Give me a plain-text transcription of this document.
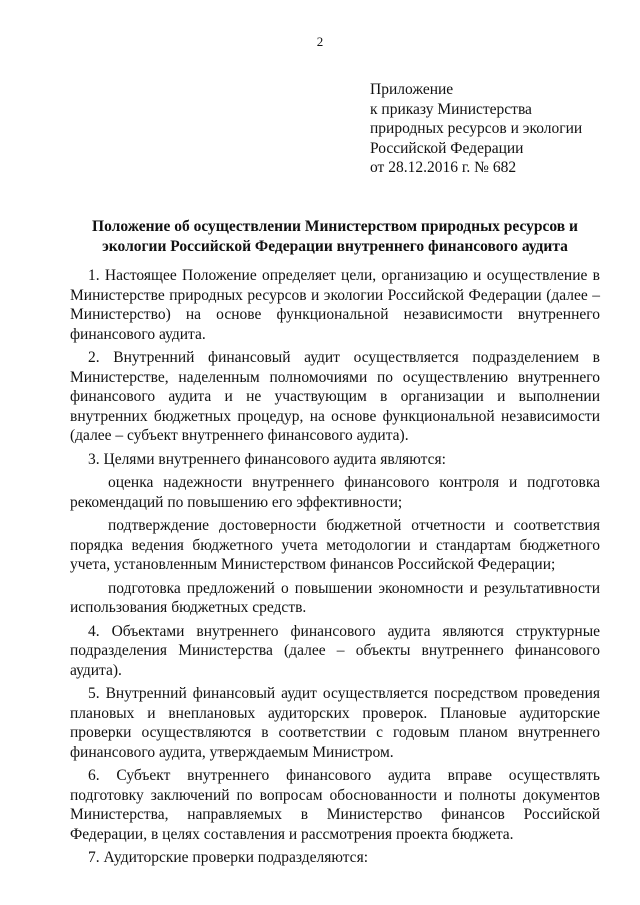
2
Приложение
к приказу Министерства
природных ресурсов и экологии
Российской Федерации
от 28.12.2016 г. № 682
Положение об осуществлении Министерством природных ресурсов и экологии Российской Федерации внутреннего финансового аудита

1. Настоящее Положение определяет цели, организацию и осуществление в Министерстве природных ресурсов и экологии Российской Федерации (далее – Министерство) на основе функциональной независимости внутреннего финансового аудита.

2. Внутренний финансовый аудит осуществляется подразделением в Министерстве, наделенным полномочиями по осуществлению внутреннего финансового аудита и не участвующим в организации и выполнении внутренних бюджетных процедур, на основе функциональной независимости (далее – субъект внутреннего финансового аудита).

3. Целями внутреннего финансового аудита являются:

оценка надежности внутреннего финансового контроля и подготовка рекомендаций по повышению его эффективности;

подтверждение достоверности бюджетной отчетности и соответствия порядка ведения бюджетного учета методологии и стандартам бюджетного учета, установленным Министерством финансов Российской Федерации;

подготовка предложений о повышении экономности и результативности использования бюджетных средств.

4. Объектами внутреннего финансового аудита являются структурные подразделения Министерства (далее – объекты внутреннего финансового аудита).

5. Внутренний финансовый аудит осуществляется посредством проведения плановых и внеплановых аудиторских проверок. Плановые аудиторские проверки осуществляются в соответствии с годовым планом внутреннего финансового аудита, утверждаемым Министром.

6. Субъект внутреннего финансового аудита вправе осуществлять подготовку заключений по вопросам обоснованности и полноты документов Министерства, направляемых в Министерство финансов Российской Федерации, в целях составления и рассмотрения проекта бюджета.

7. Аудиторские проверки подразделяются:
